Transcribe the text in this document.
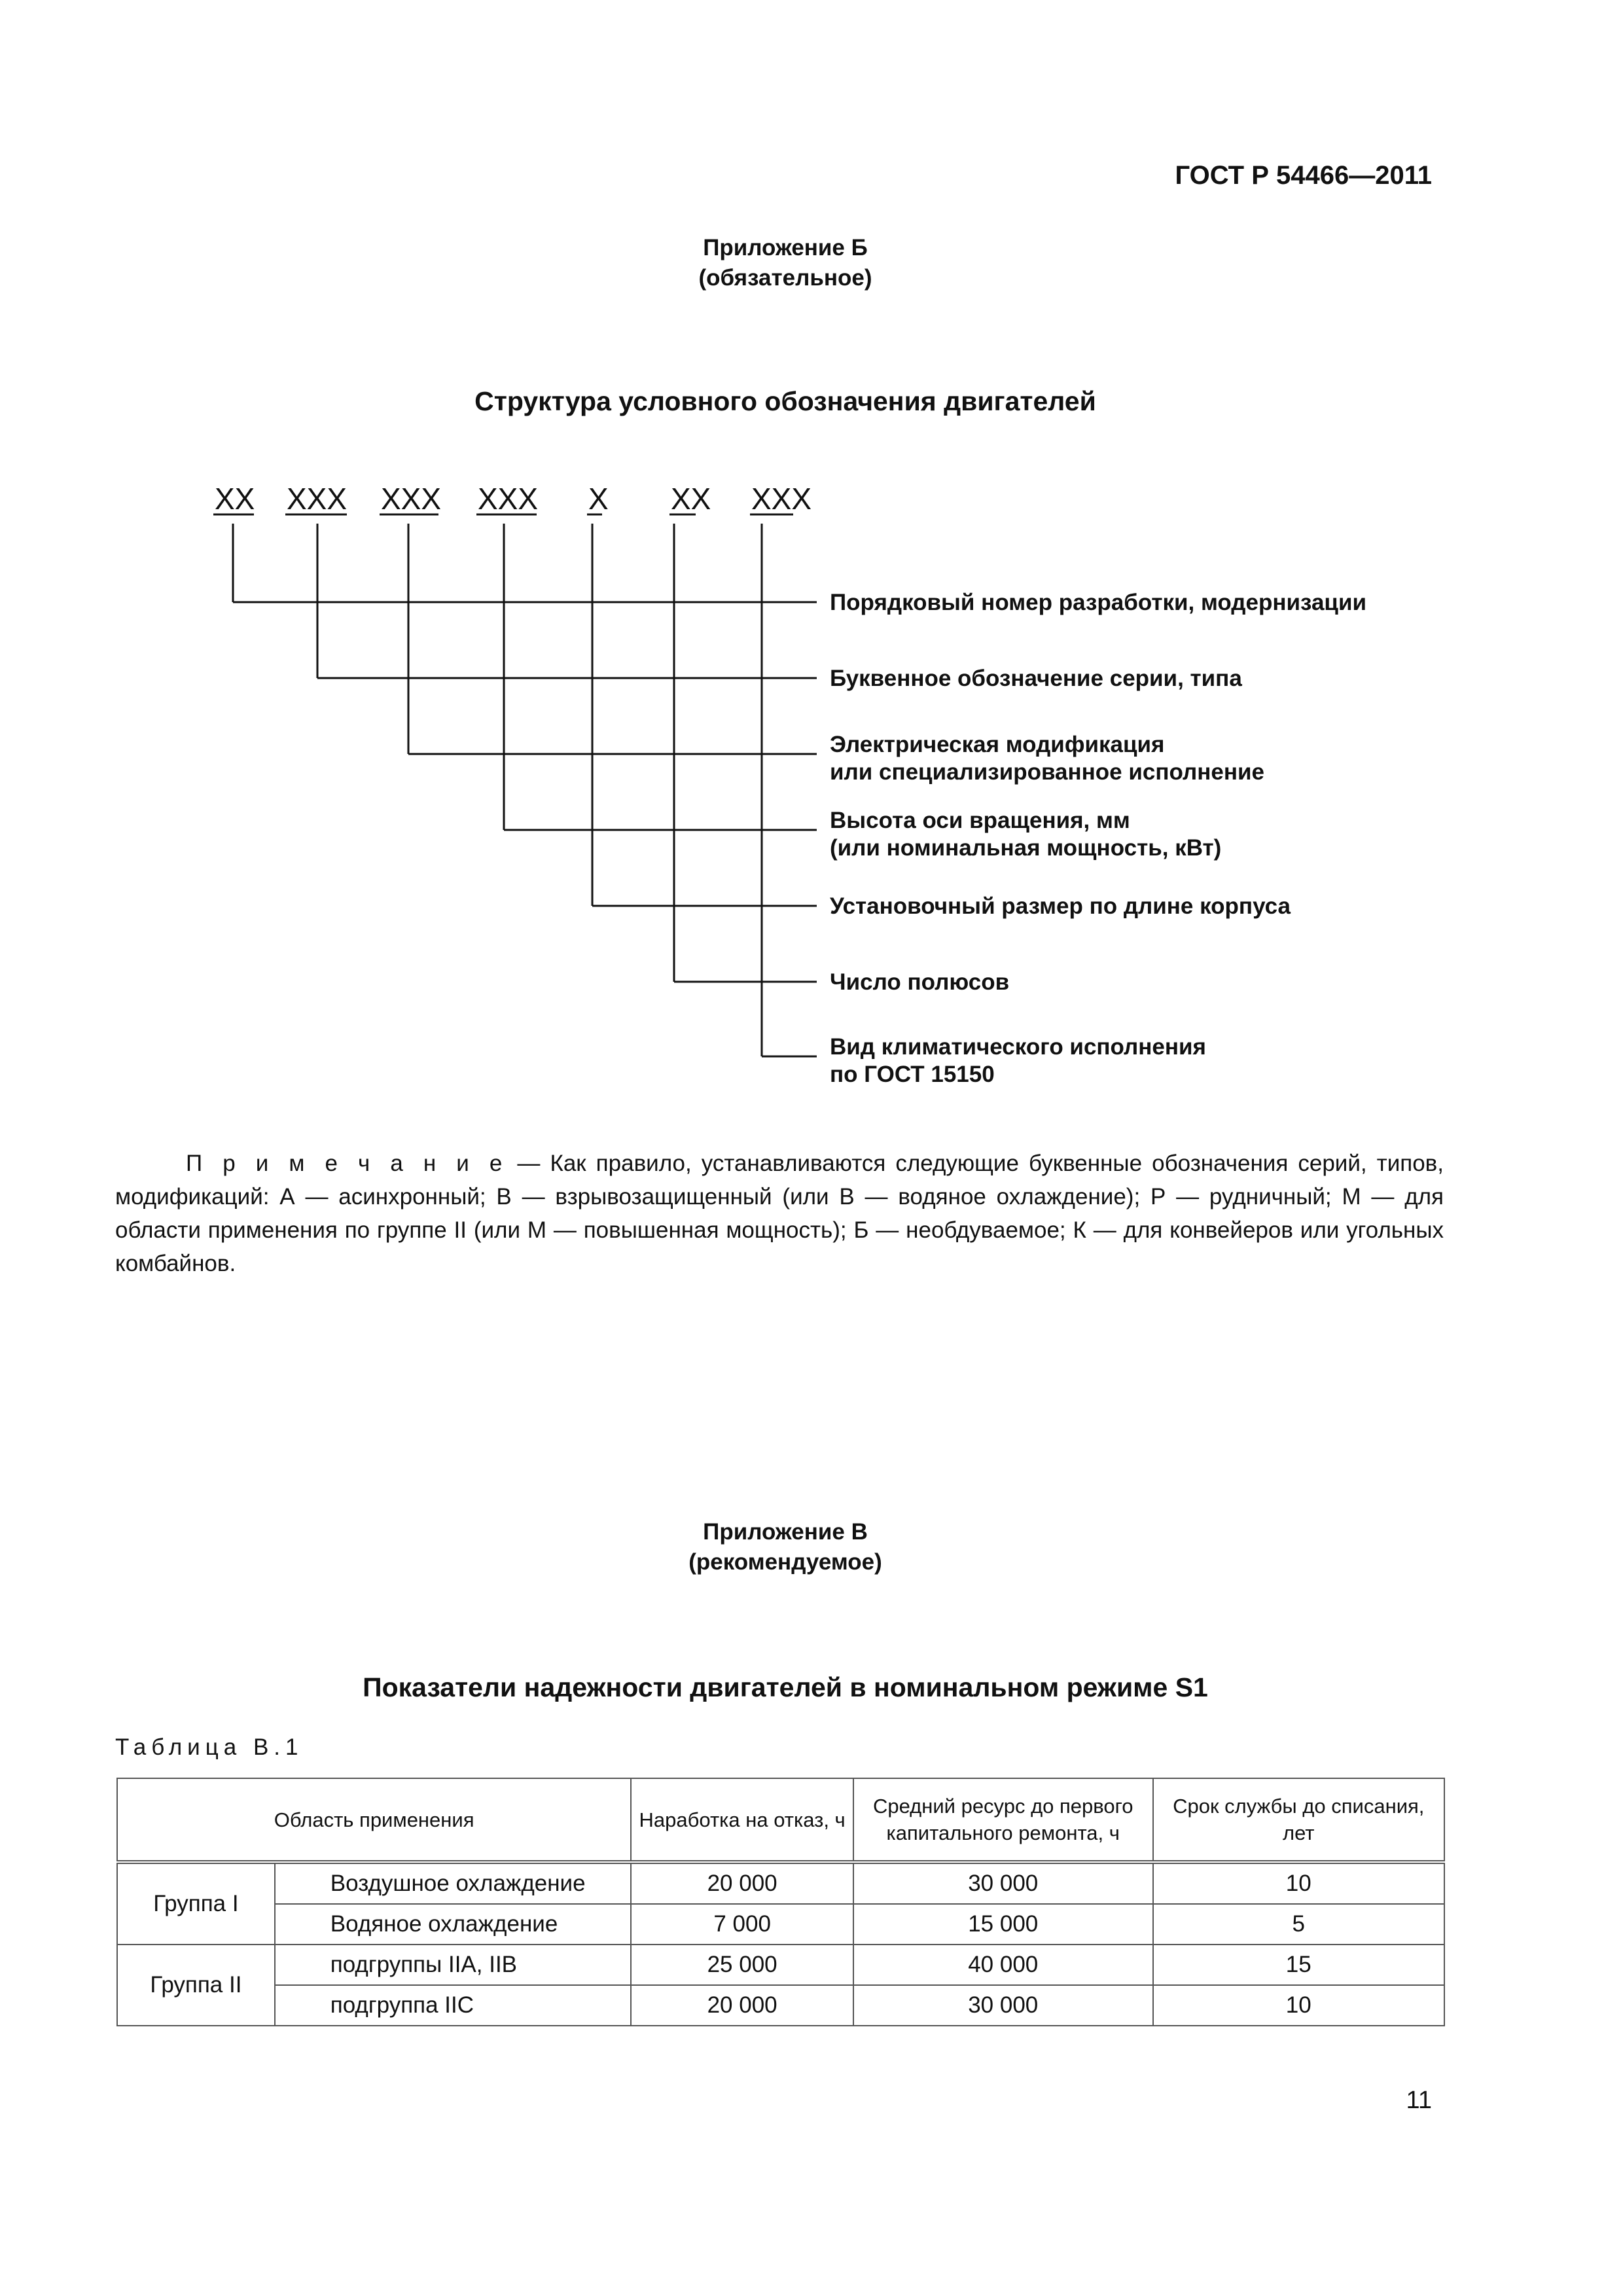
ГОСТ Р 54466—2011
Приложение Б
(обязательное)
Структура условного обозначения двигателей
ХХ
Порядковый номер разработки, модернизации
ХХХ
Буквенное обозначение серии, типа
ХХХ
Электрическая модификация
или специализированное исполнение
ХХХ
Высота оси вращения, мм
(или номинальная мощность, кВт)
Х
Установочный размер по длине корпуса
ХХ
Число полюсов
ХХХ
Вид климатического исполнения
по ГОСТ 15150
П р и м е ч а н и е — Как правило, устанавливаются следующие буквенные обозначения серий, типов, модификаций: А — асинхронный; В — взрывозащищенный (или В — водяное охлаждение); Р — рудничный; М — для области применения по группе II (или М — повышенная мощность); Б — необдуваемое; К — для конвейеров или угольных комбайнов.
Приложение В
(рекомендуемое)
Показатели надежности двигателей в номинальном режиме S1
Таблица В.1
Область применения		Наработка на отказ, ч	Средний ресурс до первого капитального ремонта, ч	Срок службы до списания, лет
Группа I	Воздушное охлаждение	20 000	30 000	10
	Водяное охлаждение	7 000	15 000	5
Группа II	подгруппы IIA, IIB	25 000	40 000	15
	подгруппа IIC	20 000	30 000	10
11
